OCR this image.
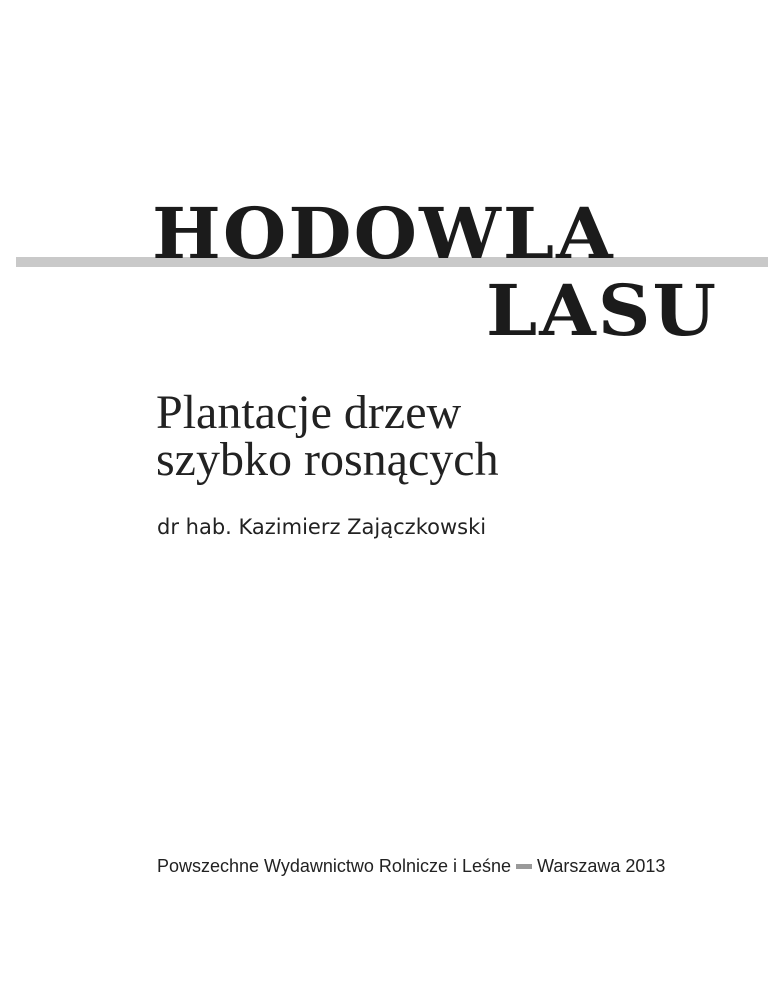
HODOWLA
LASU
Plantacje drzew
szybko rosnących
dr hab. Kazimierz Zajączkowski
Powszechne Wydawnictwo Rolnicze i Leśne Warszawa 2013
